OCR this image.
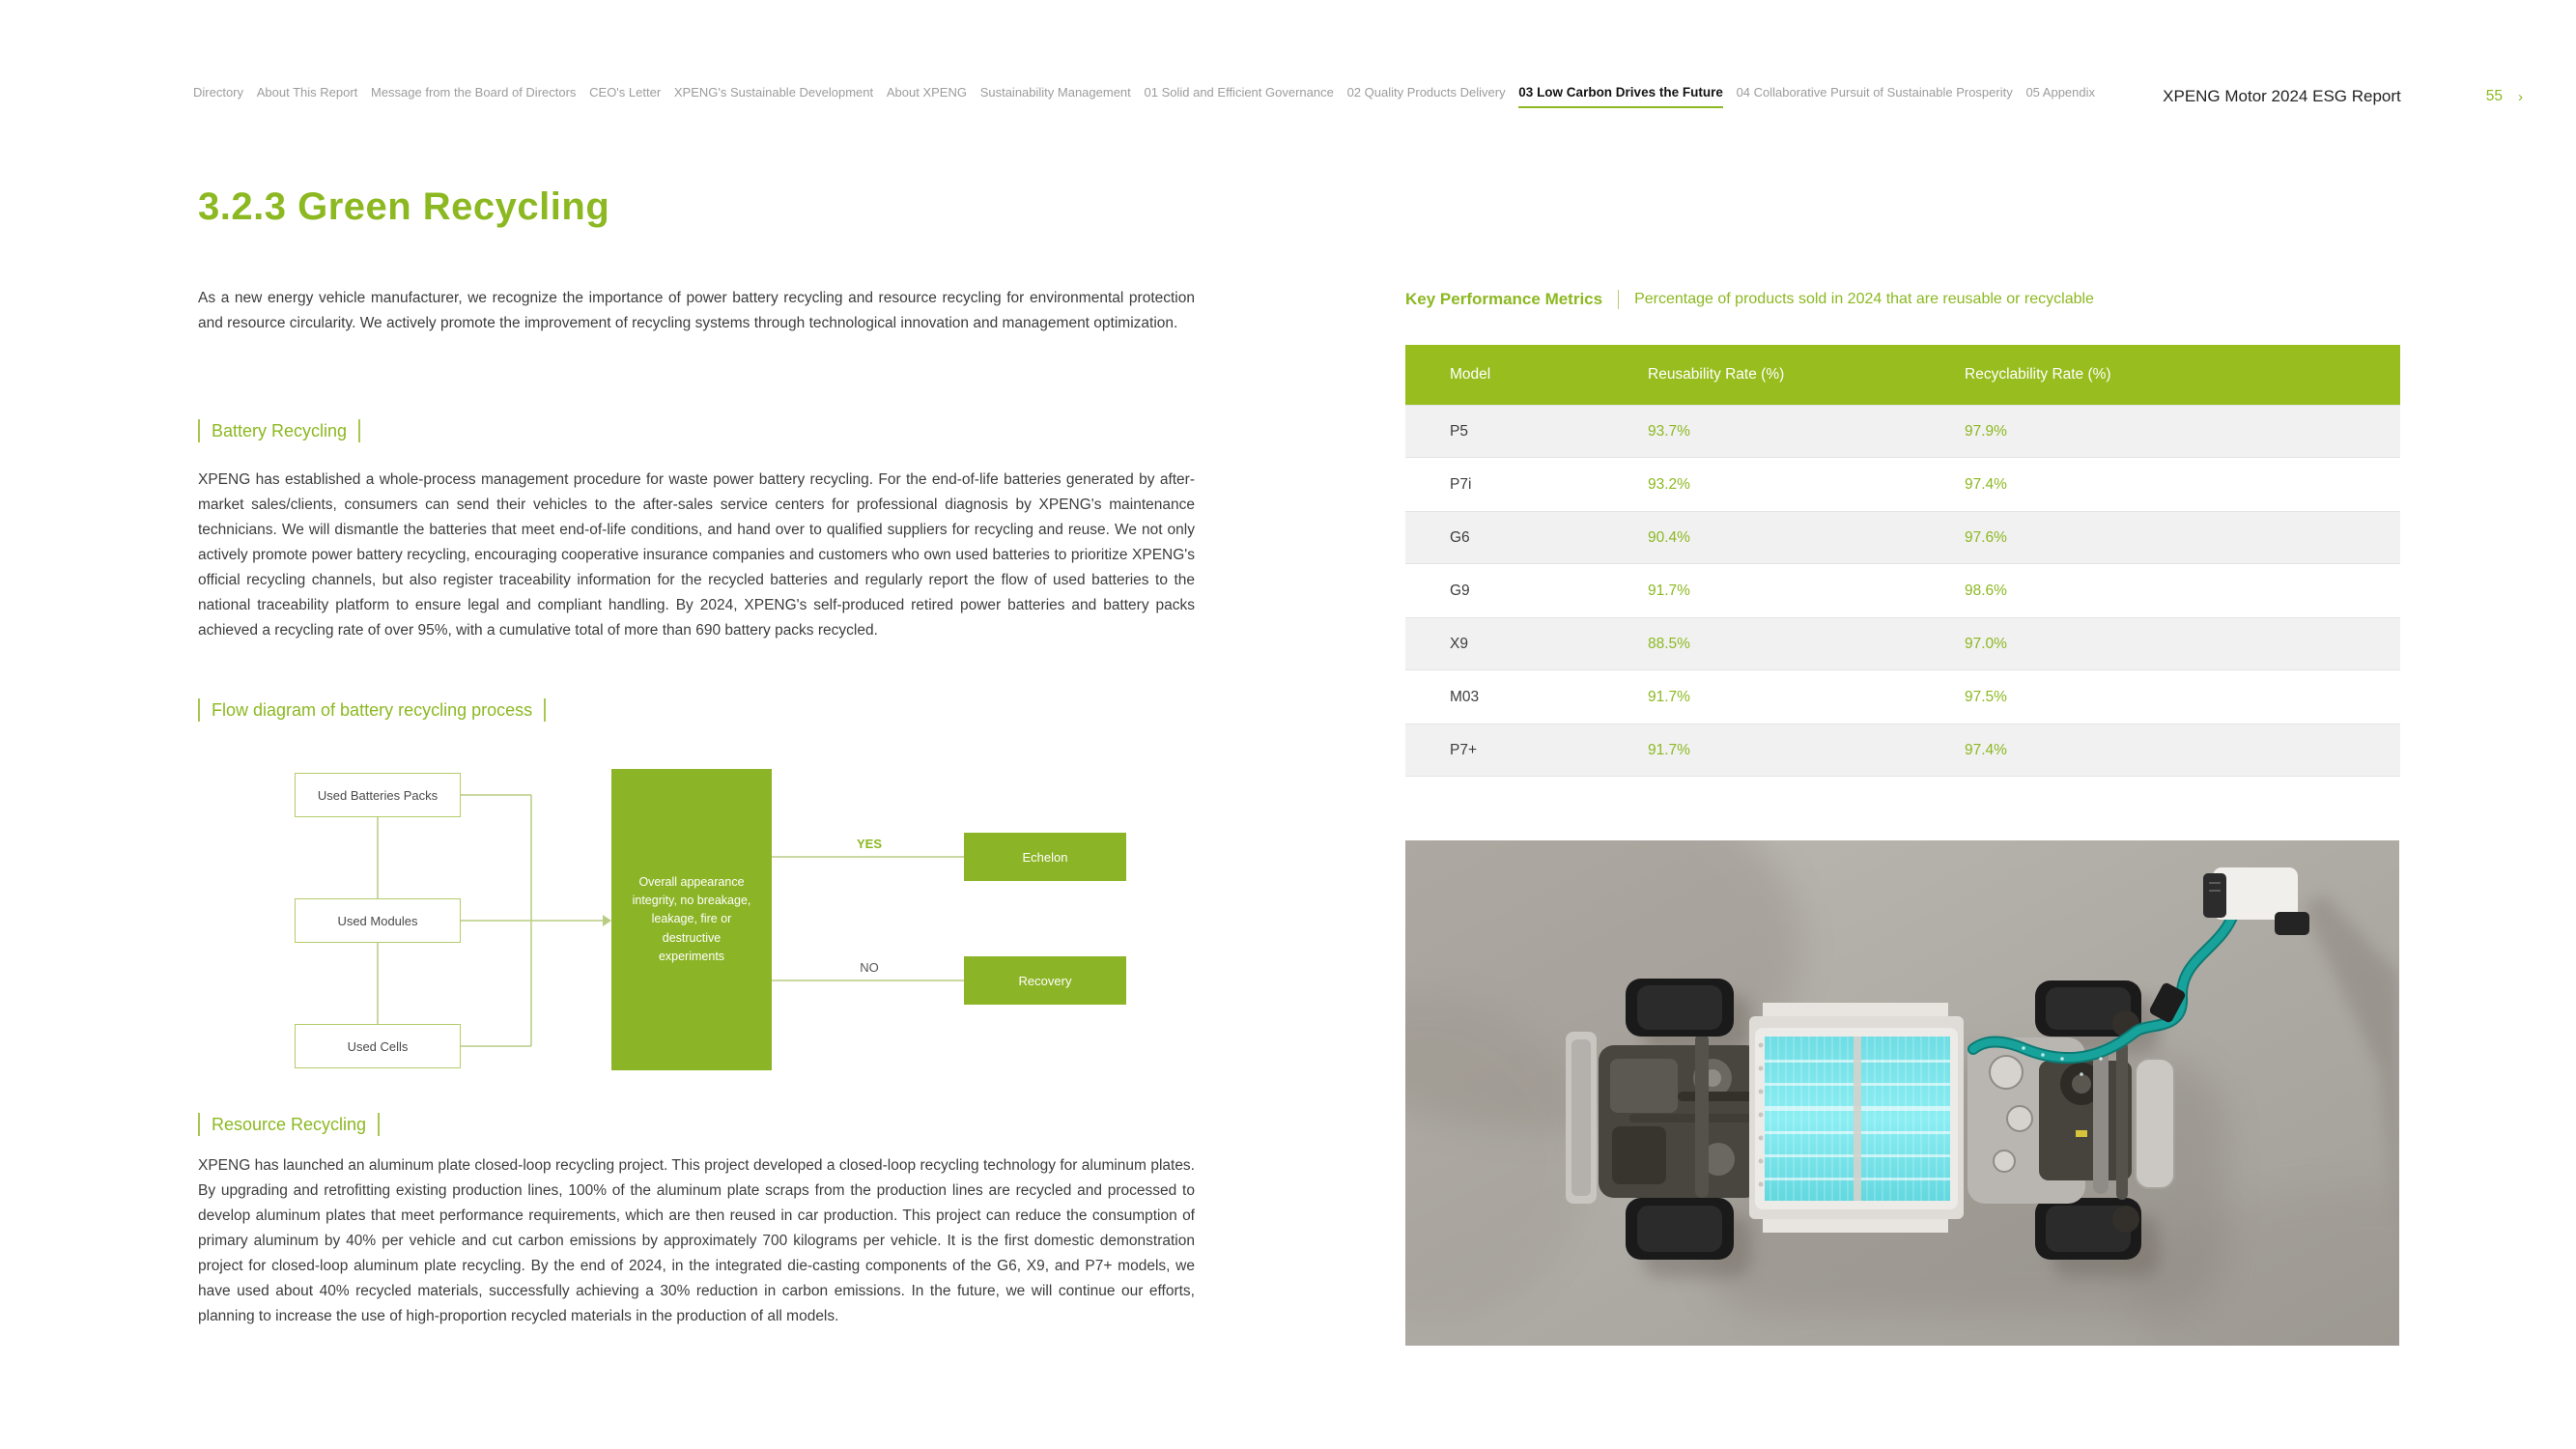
Directory About This Report Message from the Board of Directors CEO's Letter XPENG's Sustainable Development About XPENG Sustainability Management 01 Solid and Efficient Governance 02 Quality Products Delivery 03 Low Carbon Drives the Future 04 Collaborative Pursuit of Sustainable Prosperity 05 Appendix	XPENG Motor 2024 ESG Report	55 ›
3.2.3 Green Recycling

As a new energy vehicle manufacturer, we recognize the importance of power battery recycling and resource recycling for environmental protection and resource circularity. We actively promote the improvement of recycling systems through technological innovation and management optimization.

Battery Recycling

XPENG has established a whole-process management procedure for waste power battery recycling. For the end-of-life batteries generated by after-market sales/clients, consumers can send their vehicles to the after-sales service centers for professional diagnosis by XPENG's maintenance technicians. We will dismantle the batteries that meet end-of-life conditions, and hand over to qualified suppliers for recycling and reuse. We not only actively promote power battery recycling, encouraging cooperative insurance companies and customers who own used batteries to prioritize XPENG's official recycling channels, but also register traceability information for the recycled batteries and regularly report the flow of used batteries to the national traceability platform to ensure legal and compliant handling. By 2024, XPENG's self-produced retired power batteries and battery packs achieved a recycling rate of over 95%, with a cumulative total of more than 690 battery packs recycled.

Flow diagram of battery recycling process
Used Batteries Packs
Used Modules
Used Cells
Overall appearance integrity, no breakage, leakage, fire or destructive experiments
YES
NO
Echelon
Recovery
Resource Recycling

XPENG has launched an aluminum plate closed-loop recycling project. This project developed a closed-loop recycling technology for aluminum plates. By upgrading and retrofitting existing production lines, 100% of the aluminum plate scraps from the production lines are recycled and processed to develop aluminum plates that meet performance requirements, which are then reused in car production. This project can reduce the consumption of primary aluminum by 40% per vehicle and cut carbon emissions by approximately 700 kilograms per vehicle. It is the first domestic demonstration project for closed-loop aluminum plate recycling. By the end of 2024, in the integrated die-casting components of the G6, X9, and P7+ models, we have used about 40% recycled materials, successfully achieving a 30% reduction in carbon emissions. In the future, we will continue our efforts, planning to increase the use of high-proportion recycled materials in the production of all models.

Key Performance Metrics Percentage of products sold in 2024 that are reusable or recyclable
Model	Reusability Rate (%)	Recyclability Rate (%)
P5	93.7%	97.9%
P7i	93.2%	97.4%
G6	90.4%	97.6%
G9	91.7%	98.6%
X9	88.5%	97.0%
M03	91.7%	97.5%
P7+	91.7%	97.4%
